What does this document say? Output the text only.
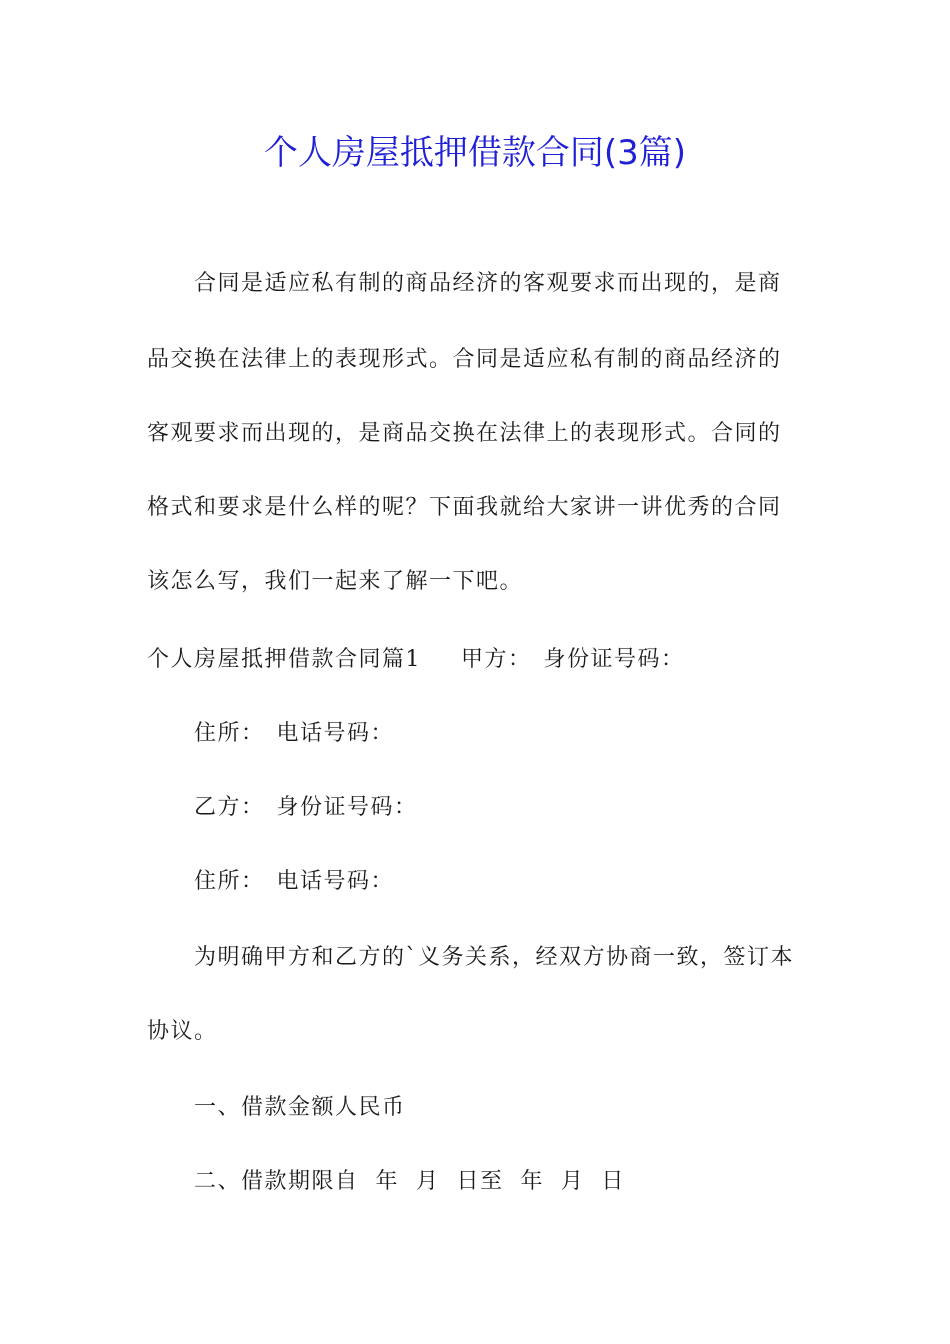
个人房屋抵押借款合同(3篇)
合同是适应私有制的商品经济的客观要求而出现的，是商
品交换在法律上的表现形式。合同是适应私有制的商品经济的
客观要求而出现的，是商品交换在法律上的表现形式。合同的
格式和要求是什么样的呢？下面我就给大家讲一讲优秀的合同
该怎么写，我们一起来了解一下吧。
个人房屋抵押借款合同篇1 甲方： 身份证号码：
住所： 电话号码：
乙方： 身份证号码：
住所： 电话号码：
为明确甲方和乙方的`义务关系，经双方协商一致，签订本
协议。
一、借款金额人民币
二、借款期限自  年  月  日至  年  月  日
